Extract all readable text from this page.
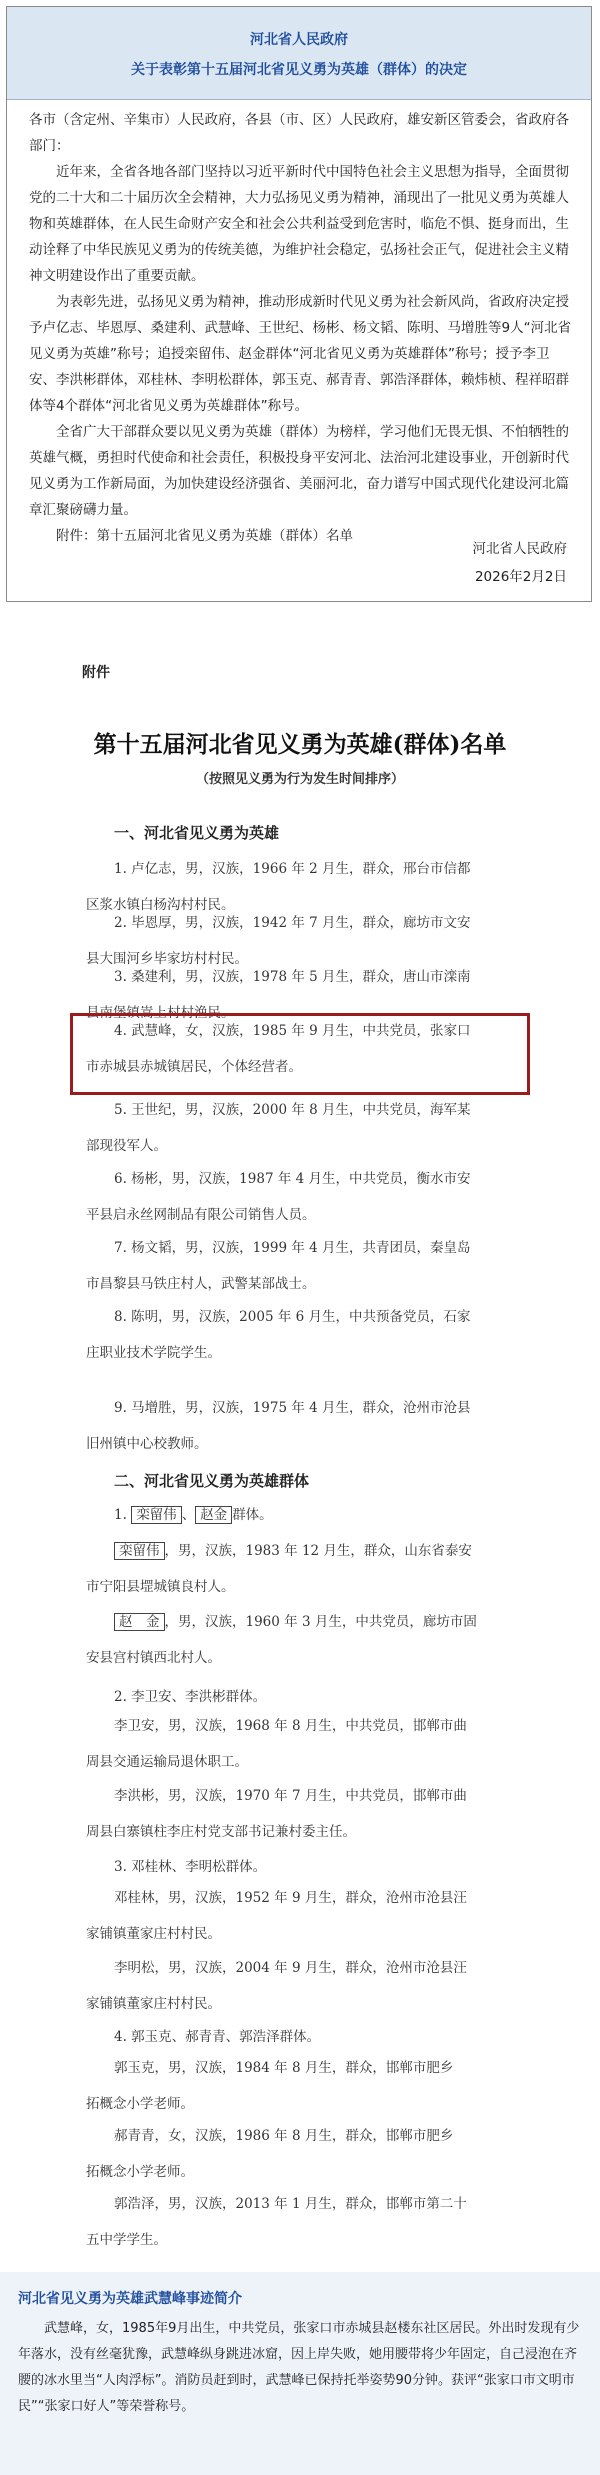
河北省人民政府
关于表彰第十五届河北省见义勇为英雄（群体）的决定

各市（含定州、辛集市）人民政府，各县（市、区）人民政府，雄安新区管委会，省政府各部门：

近年来，全省各地各部门坚持以习近平新时代中国特色社会主义思想为指导，全面贯彻党的二十大和二十届历次全会精神，大力弘扬见义勇为精神，涌现出了一批见义勇为英雄人物和英雄群体，在人民生命财产安全和社会公共利益受到危害时，临危不惧、挺身而出，生动诠释了中华民族见义勇为的传统美德，为维护社会稳定，弘扬社会正气，促进社会主义精神文明建设作出了重要贡献。

为表彰先进，弘扬见义勇为精神，推动形成新时代见义勇为社会新风尚，省政府决定授予卢亿志、毕恩厚、桑建利、武慧峰、王世纪、杨彬、杨文韬、陈明、马增胜等9人“河北省见义勇为英雄”称号；追授栾留伟、赵金群体“河北省见义勇为英雄群体”称号；授予李卫安、李洪彬群体，邓桂林、李明松群体，郭玉克、郝青青、郭浩泽群体，赖炜桢、程祥昭群体等4个群体“河北省见义勇为英雄群体”称号。

全省广大干部群众要以见义勇为英雄（群体）为榜样，学习他们无畏无惧、不怕牺牲的英雄气概，勇担时代使命和社会责任，积极投身平安河北、法治河北建设事业，开创新时代见义勇为工作新局面，为加快建设经济强省、美丽河北，奋力谱写中国式现代化建设河北篇章汇聚磅礴力量。

附件：第十五届河北省见义勇为英雄（群体）名单

河北省人民政府
2026年2月2日
附件
第十五届河北省见义勇为英雄(群体)名单
（按照见义勇为行为发生时间排序）
一、河北省见义勇为英雄
1. 卢亿志，男，汉族，1966 年 2 月生，群众，邢台市信都
区浆水镇白杨沟村村民。
2. 毕恩厚，男，汉族，1942 年 7 月生，群众，廊坊市文安
县大围河乡毕家坊村村民。
3. 桑建利，男，汉族，1978 年 5 月生，群众，唐山市滦南
县南堡镇嵩上村村渔民。
4. 武慧峰，女，汉族，1985 年 9 月生，中共党员，张家口
市赤城县赤城镇居民，个体经营者。
5. 王世纪，男，汉族，2000 年 8 月生，中共党员，海军某
部现役军人。
6. 杨彬，男，汉族，1987 年 4 月生，中共党员，衡水市安
平县启永丝网制品有限公司销售人员。
7. 杨文韬，男，汉族，1999 年 4 月生，共青团员，秦皇岛
市昌黎县马铁庄村人，武警某部战士。
8. 陈明，男，汉族，2005 年 6 月生，中共预备党员，石家
庄职业技术学院学生。
9. 马增胜，男，汉族，1975 年 4 月生，群众，沧州市沧县
旧州镇中心校教师。
二、河北省见义勇为英雄群体
1. 栾留伟 、 赵金 群体。
栾留伟 ，男，汉族，1983 年 12 月生，群众，山东省泰安
市宁阳县堽城镇良村人。
赵　金 ，男，汉族，1960 年 3 月生，中共党员，廊坊市固
安县宫村镇西北村人。
2. 李卫安、李洪彬群体。
李卫安，男，汉族，1968 年 8 月生，中共党员，邯郸市曲
周县交通运输局退休职工。
李洪彬，男，汉族，1970 年 7 月生，中共党员，邯郸市曲
周县白寨镇柱李庄村党支部书记兼村委主任。
3. 邓桂林、李明松群体。
邓桂林，男，汉族，1952 年 9 月生，群众，沧州市沧县汪
家铺镇董家庄村村民。
李明松，男，汉族，2004 年 9 月生，群众，沧州市沧县汪
家铺镇董家庄村村民。
4. 郭玉克、郝青青、郭浩泽群体。
郭玉克，男，汉族，1984 年 8 月生，群众，邯郸市肥乡
拓概念小学老师。
郝青青，女，汉族，1986 年 8 月生，群众，邯郸市肥乡
拓概念小学老师。
郭浩泽，男，汉族，2013 年 1 月生，群众，邯郸市第二十
五中学学生。
河北省见义勇为英雄武慧峰事迹简介
武慧峰，女，1985年9月出生，中共党员，张家口市赤城县赵楼东社区居民。外出时发现有少年落水，没有丝毫犹豫，武慧峰纵身跳进冰窟，因上岸失败，她用腰带将少年固定，自己浸泡在齐腰的冰水里当“人肉浮标”。消防员赶到时，武慧峰已保持托举姿势90分钟。获评“张家口市文明市民”“张家口好人”等荣誉称号。
